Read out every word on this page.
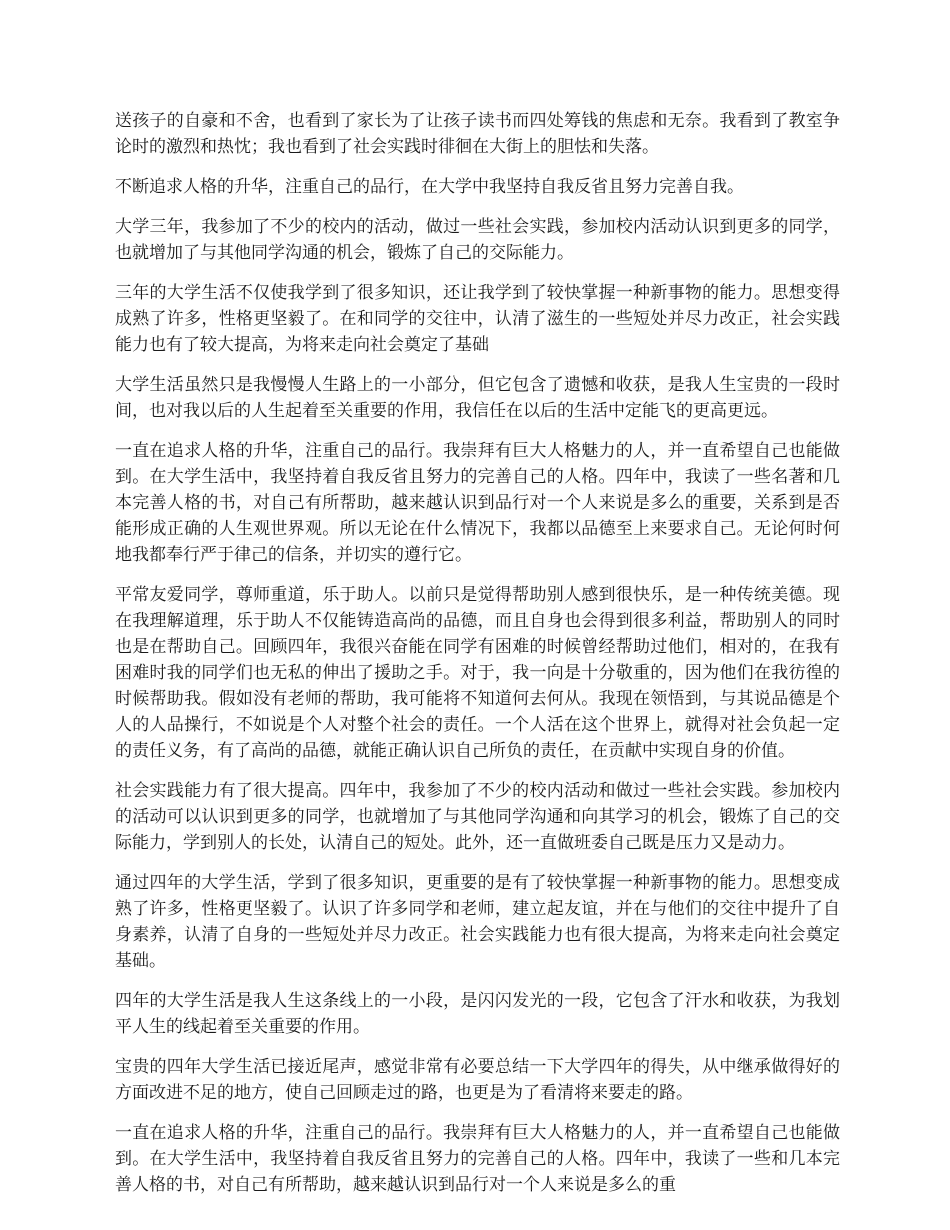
送孩子的自豪和不舍，也看到了家长为了让孩子读书而四处筹钱的焦虑和无奈。我看到了教室争论时的激烈和热忱；我也看到了社会实践时徘徊在大街上的胆怯和失落。

不断追求人格的升华，注重自己的品行，在大学中我坚持自我反省且努力完善自我。

大学三年，我参加了不少的校内的活动，做过一些社会实践，参加校内活动认识到更多的同学，也就增加了与其他同学沟通的机会，锻炼了自己的交际能力。

三年的大学生活不仅使我学到了很多知识，还让我学到了较快掌握一种新事物的能力。思想变得成熟了许多，性格更坚毅了。在和同学的交往中，认清了滋生的一些短处并尽力改正，社会实践能力也有了较大提高，为将来走向社会奠定了基础

大学生活虽然只是我慢慢人生路上的一小部分，但它包含了遗憾和收获，是我人生宝贵的一段时间，也对我以后的人生起着至关重要的作用，我信任在以后的生活中定能飞的更高更远。

一直在追求人格的升华，注重自己的品行。我崇拜有巨大人格魅力的人，并一直希望自己也能做到。在大学生活中，我坚持着自我反省且努力的完善自己的人格。四年中，我读了一些名著和几本完善人格的书，对自己有所帮助，越来越认识到品行对一个人来说是多么的重要，关系到是否能形成正确的人生观世界观。所以无论在什么情况下，我都以品德至上来要求自己。无论何时何地我都奉行严于律己的信条，并切实的遵行它。

平常友爱同学，尊师重道，乐于助人。以前只是觉得帮助别人感到很快乐，是一种传统美德。现在我理解道理，乐于助人不仅能铸造高尚的品德，而且自身也会得到很多利益，帮助别人的同时也是在帮助自己。回顾四年，我很兴奋能在同学有困难的时候曾经帮助过他们，相对的，在我有困难时我的同学们也无私的伸出了援助之手。对于，我一向是十分敬重的，因为他们在我彷徨的时候帮助我。假如没有老师的帮助，我可能将不知道何去何从。我现在领悟到，与其说品德是个人的人品操行，不如说是个人对整个社会的责任。一个人活在这个世界上，就得对社会负起一定的责任义务，有了高尚的品德，就能正确认识自己所负的责任，在贡献中实现自身的价值。

社会实践能力有了很大提高。四年中，我参加了不少的校内活动和做过一些社会实践。参加校内的活动可以认识到更多的同学，也就增加了与其他同学沟通和向其学习的机会，锻炼了自己的交际能力，学到别人的长处，认清自己的短处。此外，还一直做班委自己既是压力又是动力。

通过四年的大学生活，学到了很多知识，更重要的是有了较快掌握一种新事物的能力。思想变成熟了许多，性格更坚毅了。认识了许多同学和老师，建立起友谊，并在与他们的交往中提升了自身素养，认清了自身的一些短处并尽力改正。社会实践能力也有很大提高，为将来走向社会奠定基础。

四年的大学生活是我人生这条线上的一小段，是闪闪发光的一段，它包含了汗水和收获，为我划平人生的线起着至关重要的作用。

宝贵的四年大学生活已接近尾声，感觉非常有必要总结一下大学四年的得失，从中继承做得好的方面改进不足的地方，使自己回顾走过的路，也更是为了看清将来要走的路。

一直在追求人格的升华，注重自己的品行。我崇拜有巨大人格魅力的人，并一直希望自己也能做到。在大学生活中，我坚持着自我反省且努力的完善自己的人格。四年中，我读了一些和几本完善人格的书，对自己有所帮助，越来越认识到品行对一个人来说是多么的重
